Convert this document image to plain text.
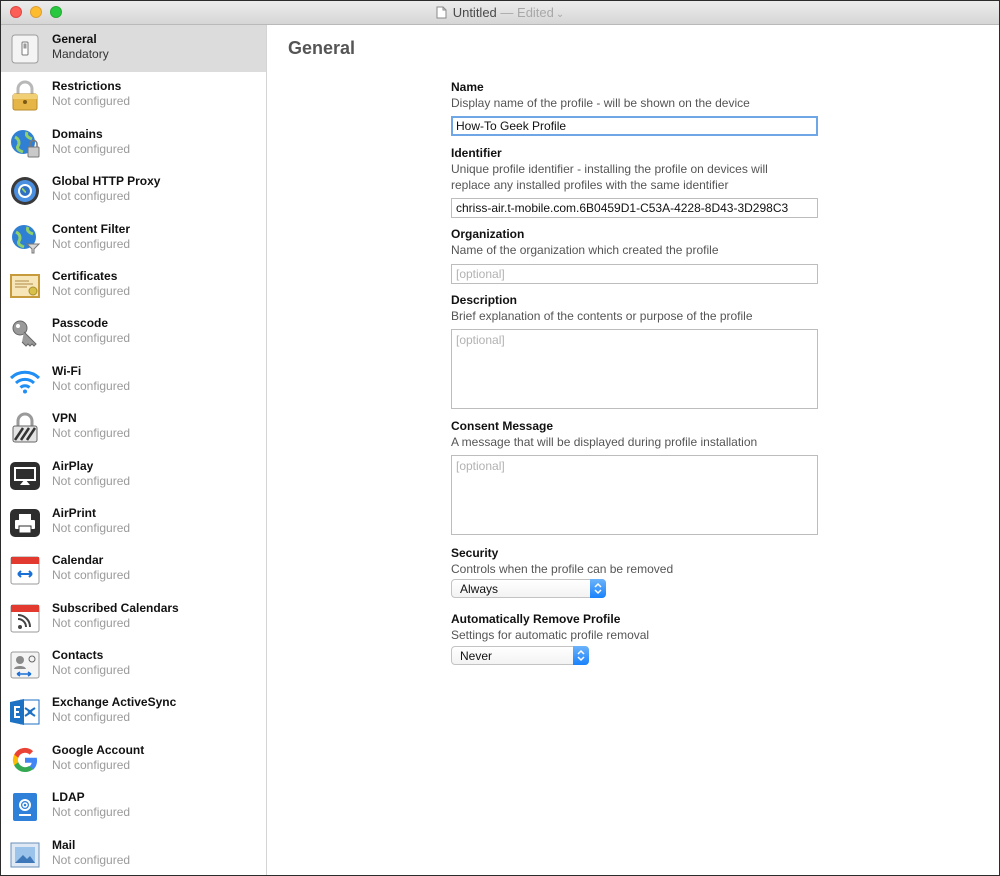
Untitled — Edited ⌄
General
Mandatory
Restrictions
Not configured
Domains
Not configured
Global HTTP Proxy
Not configured
Content Filter
Not configured
Certificates
Not configured
Passcode
Not configured
Wi-Fi
Not configured
VPN
Not configured
AirPlay
Not configured
AirPrint
Not configured
Calendar
Not configured
Subscribed Calendars
Not configured
Contacts
Not configured
Exchange ActiveSync
Not configured
Google Account
Not configured
LDAP
Not configured
Mail
Not configured
General
Name
Display name of the profile - will be shown on the device
How-To Geek Profile
Identifier
Unique profile identifier - installing the profile on devices will
replace any installed profiles with the same identifier
chriss-air.t-mobile.com.6B0459D1-C53A-4228-8D43-3D298C3
Organization
Name of the organization which created the profile
[optional]
Description
Brief explanation of the contents or purpose of the profile
[optional]
Consent Message
A message that will be displayed during profile installation
[optional]
Security
Controls when the profile can be removed
Always
Automatically Remove Profile
Settings for automatic profile removal
Never
